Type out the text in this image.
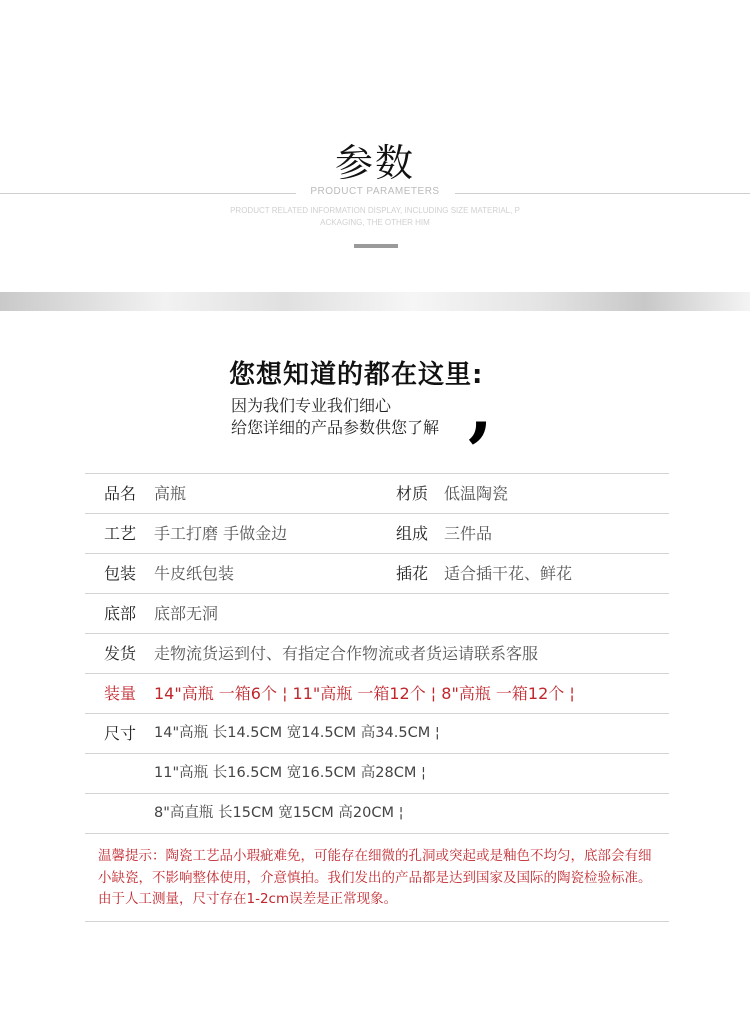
参数
PRODUCT PARAMETERS
PRODUCT RELATED INFORMATION DISPLAY, INCLUDING SIZE MATERIAL, P
ACKAGING, THE OTHER HIM
您想知道的都在这里:
因为我们专业我们细心
给您详细的产品参数供您了解 ,
品名 高瓶	材质 低温陶瓷
工艺 手工打磨 手做金边	组成 三件品
包装 牛皮纸包装	插花 适合插干花、鲜花
底部 底部无洞
发货 走物流货运到付、有指定合作物流或者货运请联系客服
装量 14"高瓶 一箱6个 ¦ 11"高瓶 一箱12个 ¦ 8"高瓶 一箱12个 ¦
尺寸 14"高瓶 长14.5CM 宽14.5CM 高34.5CM ¦
11"高瓶 长16.5CM 宽16.5CM 高28CM ¦
8"高直瓶 长15CM 宽15CM 高20CM ¦
温馨提示：陶瓷工艺品小瑕疵难免，可能存在细微的孔洞或突起或是釉色不均匀，底部会有细小缺瓷，不影响整体使用，介意慎拍。我们发出的产品都是达到国家及国际的陶瓷检验标准。由于人工测量，尺寸存在1-2cm误差是正常现象。
